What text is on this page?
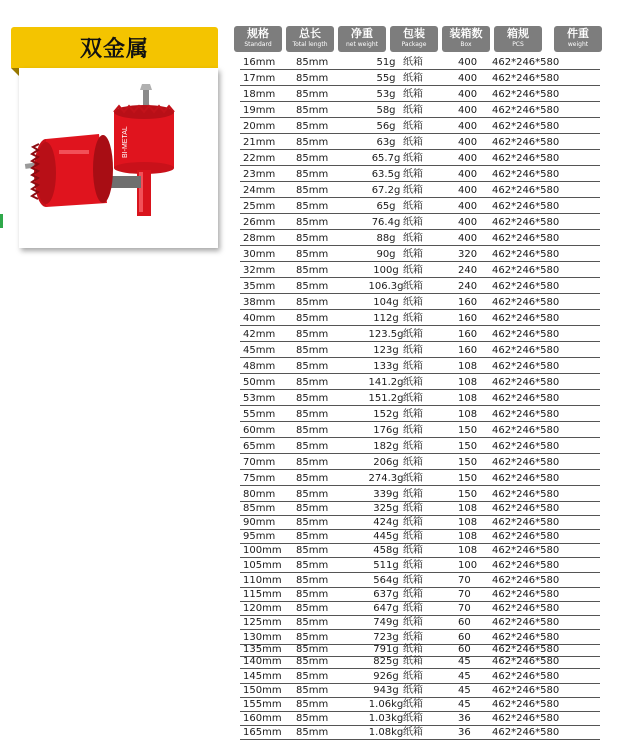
双金属
BI-METAL
规格
Standard
总长
Total length
净重
net weight
包装
Package
装箱数
Box
箱规
PCS
件重
weight
16mm 85mm	51g 纸箱	400 462*246*580
17mm 85mm	55g 纸箱	400 462*246*580
18mm 85mm	53g 纸箱	400 462*246*580
19mm 85mm	58g 纸箱	400 462*246*580
20mm 85mm	56g 纸箱	400 462*246*580
21mm 85mm	63g 纸箱	400 462*246*580
22mm 85mm	65.7g 纸箱	400 462*246*580
23mm 85mm	63.5g 纸箱	400 462*246*580
24mm 85mm	67.2g 纸箱	400 462*246*580
25mm 85mm	65g 纸箱	400 462*246*580
26mm 85mm	76.4g 纸箱	400 462*246*580
28mm 85mm	88g 纸箱	400 462*246*580
30mm 85mm	90g 纸箱	320 462*246*580
32mm 85mm	100g 纸箱	240 462*246*580
35mm 85mm	106.3g 纸箱	240 462*246*580
38mm 85mm	104g 纸箱	160 462*246*580
40mm 85mm	112g 纸箱	160 462*246*580
42mm 85mm	123.5g 纸箱	160 462*246*580
45mm 85mm	123g 纸箱	160 462*246*580
48mm 85mm	133g 纸箱	108 462*246*580
50mm 85mm	141.2g 纸箱	108 462*246*580
53mm 85mm	151.2g 纸箱	108 462*246*580
55mm 85mm	152g 纸箱	108 462*246*580
60mm 85mm	176g 纸箱	150 462*246*580
65mm 85mm	182g 纸箱	150 462*246*580
70mm 85mm	206g 纸箱	150 462*246*580
75mm 85mm	274.3g 纸箱	150 462*246*580
80mm 85mm	339g 纸箱	150 462*246*580
85mm 85mm	325g 纸箱	108 462*246*580
90mm 85mm	424g 纸箱	108 462*246*580
95mm 85mm	445g 纸箱	108 462*246*580
100mm 85mm	458g 纸箱	108 462*246*580
105mm 85mm	511g 纸箱	100 462*246*580
110mm 85mm	564g 纸箱	70 462*246*580
115mm 85mm	637g 纸箱	70 462*246*580
120mm 85mm	647g 纸箱	70 462*246*580
125mm 85mm	749g 纸箱	60 462*246*580
130mm 85mm	723g 纸箱	60 462*246*580
135mm 85mm	791g 纸箱	60 462*246*580
140mm 85mm	825g 纸箱	45 462*246*580
145mm 85mm	926g 纸箱	45 462*246*580
150mm 85mm	943g 纸箱	45 462*246*580
155mm 85mm	1.06kg 纸箱	45 462*246*580
160mm 85mm	1.03kg 纸箱	36 462*246*580
165mm 85mm	1.08kg 纸箱	36 462*246*580
